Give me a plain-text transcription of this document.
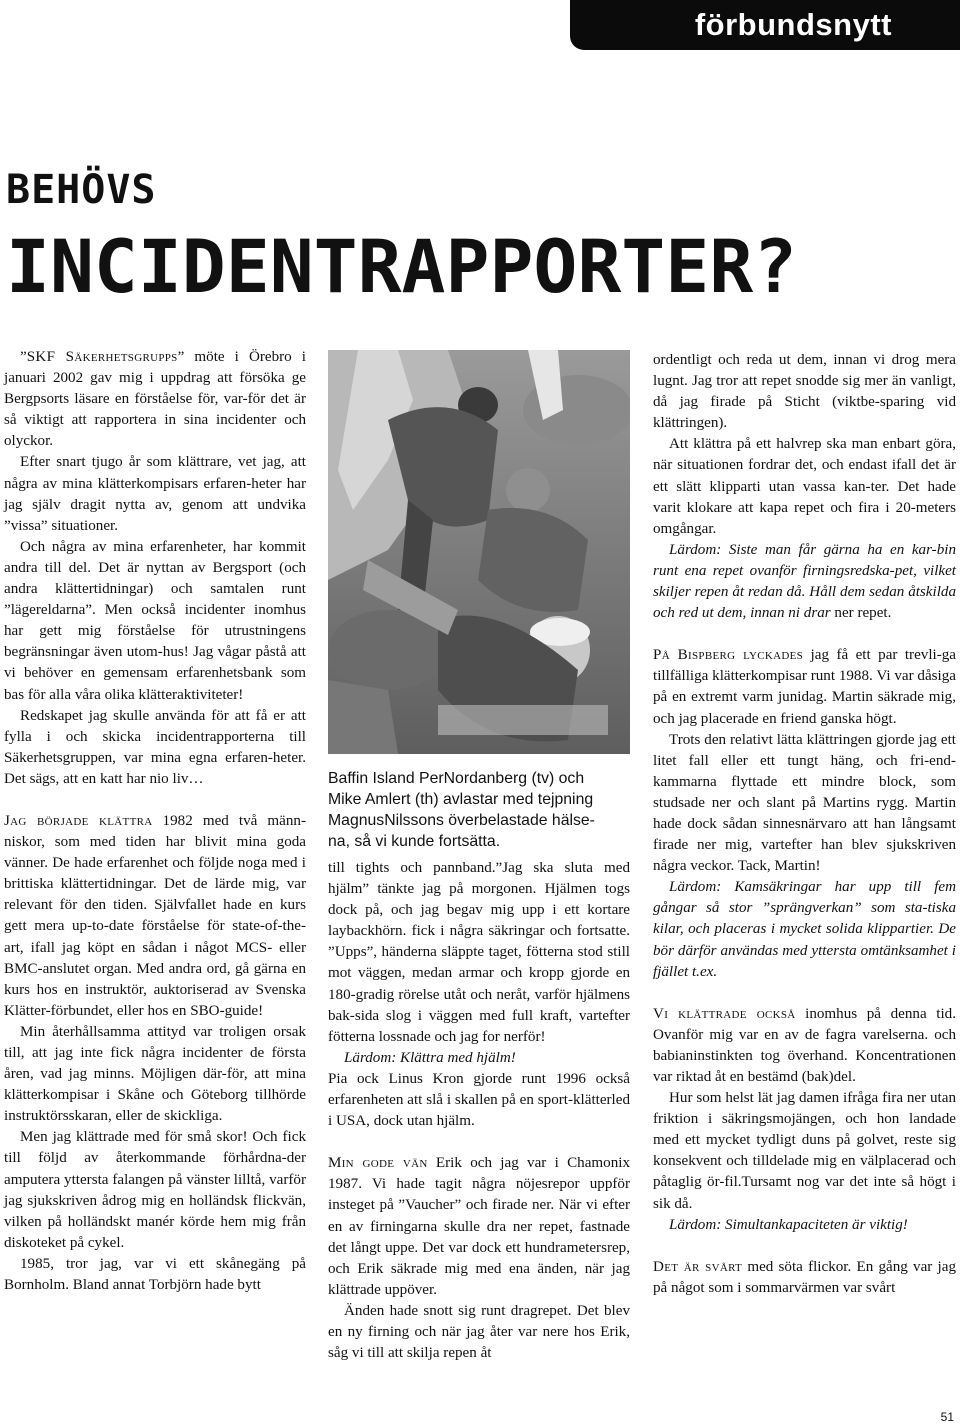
förbundsnytt
BEHÖVS
INCIDENTRAPPORTER?

”SKF Säkerhetsgrupps” möte i Örebro i januari 2002 gav mig i uppdrag att försöka ge Bergpsorts läsare en förståelse för, var-för det är så viktigt att rapportera in sina incidenter och olyckor.

Efter snart tjugo år som klättrare, vet jag, att några av mina klätterkompisars erfaren-heter har jag själv dragit nytta av, genom att undvika ”vissa” situationer.

Och några av mina erfarenheter, har kommit andra till del. Det är nyttan av Bergsport (och andra klättertidningar) och samtalen runt ”lägereldarna”. Men också incidenter inomhus har gett mig förståelse för utrustningens begränsningar även utom-hus! Jag vågar påstå att vi behöver en gemensam erfarenhetsbank som bas för alla våra olika klätteraktiviteter!

Redskapet jag skulle använda för att få er att fylla i och skicka incidentrapporterna till Säkerhetsgruppen, var mina egna erfaren-heter. Det sägs, att en katt har nio liv…

Jag började klättra 1982 med två männ-niskor, som med tiden har blivit mina goda vänner. De hade erfarenhet och följde noga med i brittiska klättertidningar. Det de lärde mig, var relevant för den tiden. Självfallet hade en kurs gett mera up-to-date förståelse för state-of-the-art, ifall jag köpt en sådan i något MCS- eller BMC-anslutet organ. Med andra ord, gå gärna en kurs hos en instruktör, auktoriserad av Svenska Klätter-förbundet, eller hos en SBO-guide!

Min återhållsamma attityd var troligen orsak till, att jag inte fick några incidenter de första åren, vad jag minns. Möjligen där-för, att mina klätterkompisar i Skåne och Göteborg tillhörde instruktörsskaran, eller de skickliga.

Men jag klättrade med för små skor! Och fick till följd av återkommande förhårdna-der amputera yttersta falangen på vänster lilltå, varför jag sjukskriven ådrog mig en holländsk flickvän, vilken på holländskt manér körde hem mig från diskoteket på cykel.

1985, tror jag, var vi ett skånegäng på Bornholm. Bland annat Torbjörn hade bytt

Baffin Island PerNordanberg (tv) och
Mike Amlert (th) avlastar med tejpning
MagnusNilssons överbelastade hälse-
na, så vi kunde fortsätta.

till tights och pannband.”Jag ska sluta med hjälm” tänkte jag på morgonen. Hjälmen togs dock på, och jag begav mig upp i ett kortare laybackhörn. fick i några säkringar och fortsatte. ”Upps”, händerna släppte taget, fötterna stod still mot väggen, medan armar och kropp gjorde en 180-gradig rörelse utåt och neråt, varför hjälmens bak-sida slog i väggen med full kraft, vartefter fötterna lossnade och jag for nerför!

Lärdom: Klättra med hjälm!

Pia ock Linus Kron gjorde runt 1996 också erfarenheten att slå i skallen på en sport-klätterled i USA, dock utan hjälm.

Min gode vän Erik och jag var i Chamonix 1987. Vi hade tagit några nöjesrepor uppför insteget på ”Vaucher” och firade ner. När vi efter en av firningarna skulle dra ner repet, fastnade det långt uppe. Det var dock ett hundrametersrep, och Erik säkrade mig med ena änden, när jag klättrade uppöver.

Änden hade snott sig runt dragrepet. Det blev en ny firning och när jag åter var nere hos Erik, såg vi till att skilja repen åt

ordentligt och reda ut dem, innan vi drog mera lugnt. Jag tror att repet snodde sig mer än vanligt, då jag firade på Sticht (viktbe-sparing vid klättringen).

Att klättra på ett halvrep ska man enbart göra, när situationen fordrar det, och endast ifall det är ett slätt klipparti utan vassa kan-ter. Det hade varit klokare att kapa repet och fira i 20-meters omgångar.

Lärdom: Siste man får gärna ha en kar-bin runt ena repet ovanför firningsredska-pet, vilket skiljer repen åt redan då. Håll dem sedan åtskilda och red ut dem, innan ni drar ner repet.

På Bispberg lyckades jag få ett par trevli-ga tillfälliga klätterkompisar runt 1988. Vi var dåsiga på en extremt varm junidag. Martin säkrade mig, och jag placerade en friend ganska högt.

Trots den relativt lätta klättringen gjorde jag ett litet fall eller ett tungt häng, och fri-end-kammarna flyttade ett mindre block, som studsade ner och slant på Martins rygg. Martin hade dock sådan sinnesnärvaro att han långsamt firade ner mig, vartefter han blev sjukskriven några veckor. Tack, Martin!

Lärdom: Kamsäkringar har upp till fem gångar så stor ”sprängverkan” som sta-tiska kilar, och placeras i mycket solida klippartier. De bör därför användas med yttersta omtänksamhet i fjället t.ex.

Vi klättrade också inomhus på denna tid. Ovanför mig var en av de fagra varelserna. och babianinstinkten tog överhand. Koncentrationen var riktad åt en bestämd (bak)del.

Hur som helst lät jag damen ifråga fira ner utan friktion i säkringsmojängen, och hon landade med ett mycket tydligt duns på golvet, reste sig konsekvent och tilldelade mig en välplacerad och påtaglig ör-fil.Tursamt nog var det inte så högt i sik då.

Lärdom: Simultankapaciteten är viktig!

Det är svårt med söta flickor. En gång var jag på något som i sommarvärmen var svårt

51
